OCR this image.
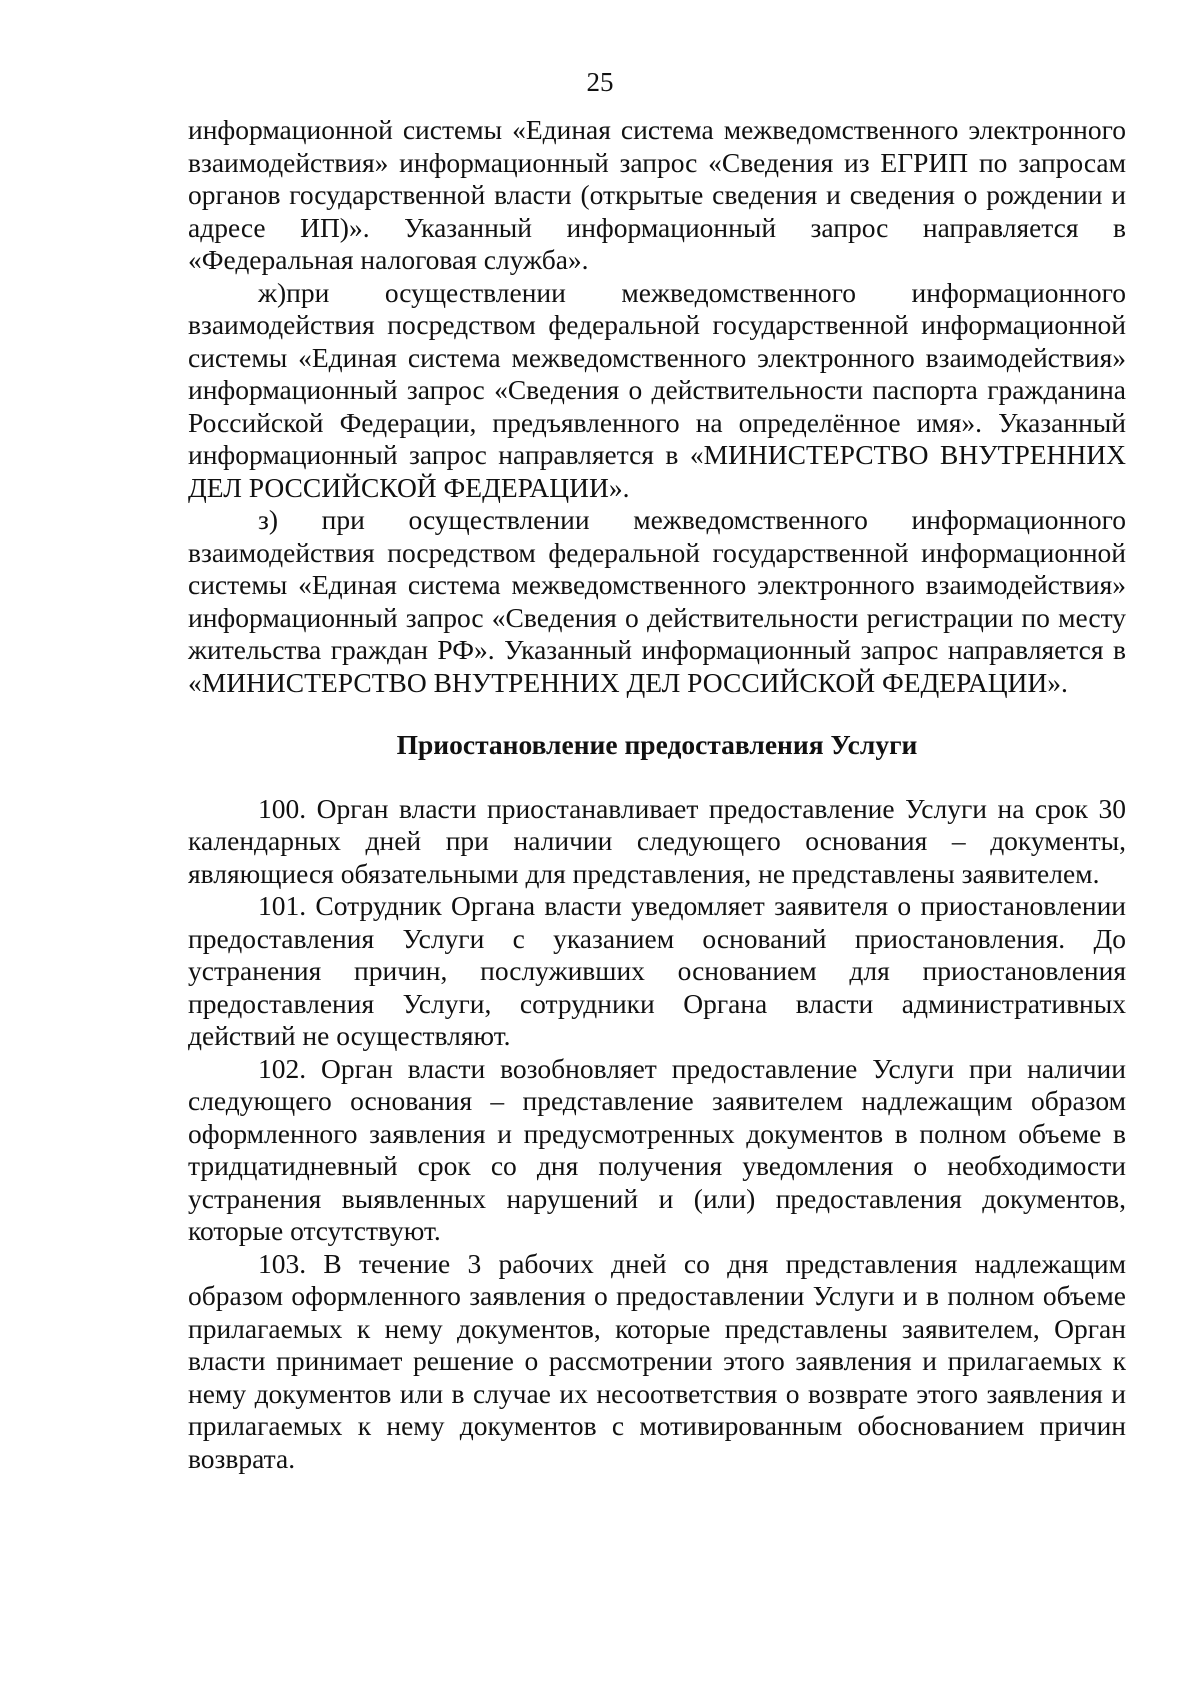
25

информационной системы «Единая система межведомственного электронного взаимодействия» информационный запрос «Сведения из ЕГРИП по запросам органов государственной власти (открытые сведения и сведения о рождении и адресе ИП)». Указанный информационный запрос направляется в «Федеральная налоговая служба».

ж)при осуществлении межведомственного информационного взаимодействия посредством федеральной государственной информационной системы «Единая система межведомственного электронного взаимодействия» информационный запрос «Сведения о действительности паспорта гражданина Российской Федерации, предъявленного на определённое имя». Указанный информационный запрос направляется в «МИНИСТЕРСТВО ВНУТРЕННИХ ДЕЛ РОССИЙСКОЙ ФЕДЕРАЦИИ».

з) при осуществлении межведомственного информационного взаимодействия посредством федеральной государственной информационной системы «Единая система межведомственного электронного взаимодействия» информационный запрос «Сведения о действительности регистрации по месту жительства граждан РФ». Указанный информационный запрос направляется в «МИНИСТЕРСТВО ВНУТРЕННИХ ДЕЛ РОССИЙСКОЙ ФЕДЕРАЦИИ».

Приостановление предоставления Услуги

100. Орган власти приостанавливает предоставление Услуги на срок 30 календарных дней при наличии следующего основания – документы, являющиеся обязательными для представления, не представлены заявителем.

101. Сотрудник Органа власти уведомляет заявителя о приостановлении предоставления Услуги с указанием оснований приостановления. До устранения причин, послуживших основанием для приостановления предоставления Услуги, сотрудники Органа власти административных действий не осуществляют.

102. Орган власти возобновляет предоставление Услуги при наличии следующего основания – представление заявителем надлежащим образом оформленного заявления и предусмотренных документов в полном объеме в тридцатидневный срок со дня получения уведомления о необходимости устранения выявленных нарушений и (или) предоставления документов, которые отсутствуют.

103. В течение 3 рабочих дней со дня представления надлежащим образом оформленного заявления о предоставлении Услуги и в полном объеме прилагаемых к нему документов, которые представлены заявителем, Орган власти принимает решение о рассмотрении этого заявления и прилагаемых к нему документов или в случае их несоответствия о возврате этого заявления и прилагаемых к нему документов с мотивированным обоснованием причин возврата.
